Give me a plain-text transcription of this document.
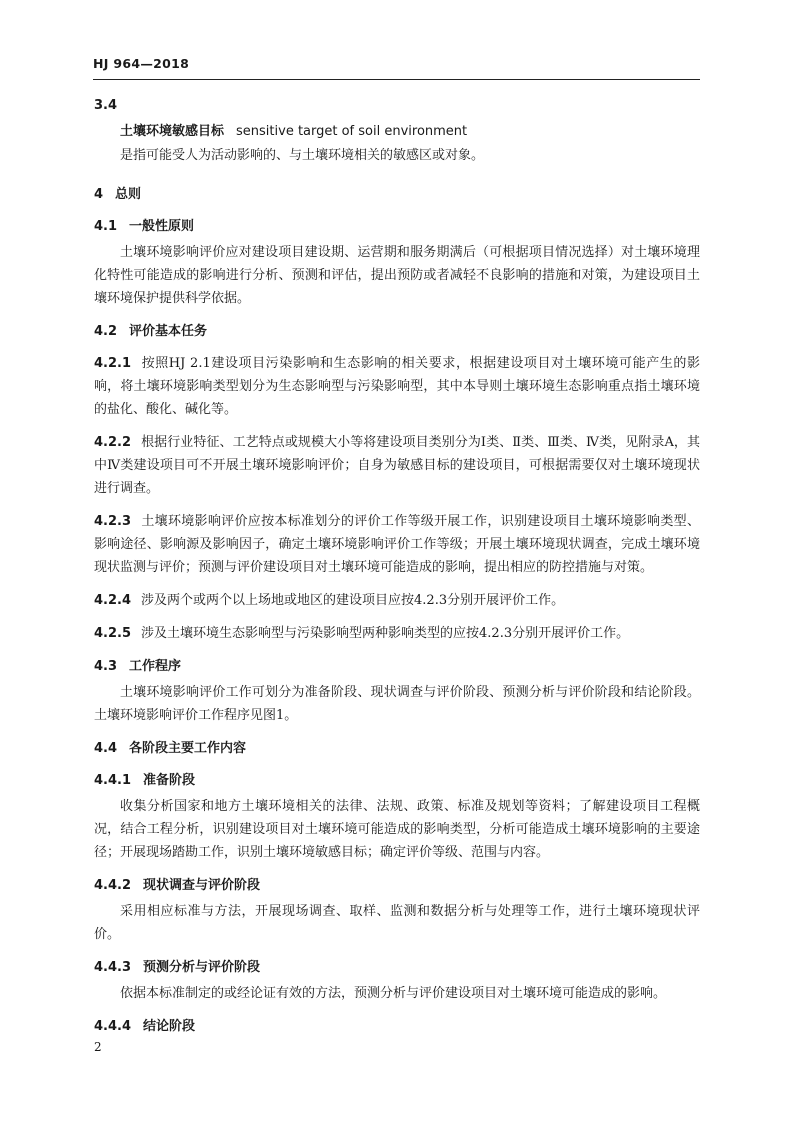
HJ 964—2018
3.4
土壤环境敏感目标 sensitive target of soil environment

是指可能受人为活动影响的、与土壤环境相关的敏感区或对象。

4 总则
4.1 一般性原则

土壤环境影响评价应对建设项目建设期、运营期和服务期满后（可根据项目情况选择）对土壤环境理化特性可能造成的影响进行分析、预测和评估，提出预防或者减轻不良影响的措施和对策，为建设项目土壤环境保护提供科学依据。

4.2 评价基本任务

4.2.1 按照HJ 2.1建设项目污染影响和生态影响的相关要求，根据建设项目对土壤环境可能产生的影响，将土壤环境影响类型划分为生态影响型与污染影响型，其中本导则土壤环境生态影响重点指土壤环境的盐化、酸化、碱化等。

4.2.2 根据行业特征、工艺特点或规模大小等将建设项目类别分为Ⅰ类、Ⅱ类、Ⅲ类、Ⅳ类，见附录A，其中Ⅳ类建设项目可不开展土壤环境影响评价；自身为敏感目标的建设项目，可根据需要仅对土壤环境现状进行调查。

4.2.3 土壤环境影响评价应按本标准划分的评价工作等级开展工作，识别建设项目土壤环境影响类型、影响途径、影响源及影响因子，确定土壤环境影响评价工作等级；开展土壤环境现状调查，完成土壤环境现状监测与评价；预测与评价建设项目对土壤环境可能造成的影响，提出相应的防控措施与对策。

4.2.4 涉及两个或两个以上场地或地区的建设项目应按4.2.3分别开展评价工作。

4.2.5 涉及土壤环境生态影响型与污染影响型两种影响类型的应按4.2.3分别开展评价工作。

4.3 工作程序

土壤环境影响评价工作可划分为准备阶段、现状调查与评价阶段、预测分析与评价阶段和结论阶段。土壤环境影响评价工作程序见图1。

4.4 各阶段主要工作内容
4.4.1 准备阶段

收集分析国家和地方土壤环境相关的法律、法规、政策、标准及规划等资料；了解建设项目工程概况，结合工程分析，识别建设项目对土壤环境可能造成的影响类型，分析可能造成土壤环境影响的主要途径；开展现场踏勘工作，识别土壤环境敏感目标；确定评价等级、范围与内容。

4.4.2 现状调查与评价阶段

采用相应标准与方法，开展现场调查、取样、监测和数据分析与处理等工作，进行土壤环境现状评价。

4.4.3 预测分析与评价阶段

依据本标准制定的或经论证有效的方法，预测分析与评价建设项目对土壤环境可能造成的影响。

4.4.4 结论阶段
2
